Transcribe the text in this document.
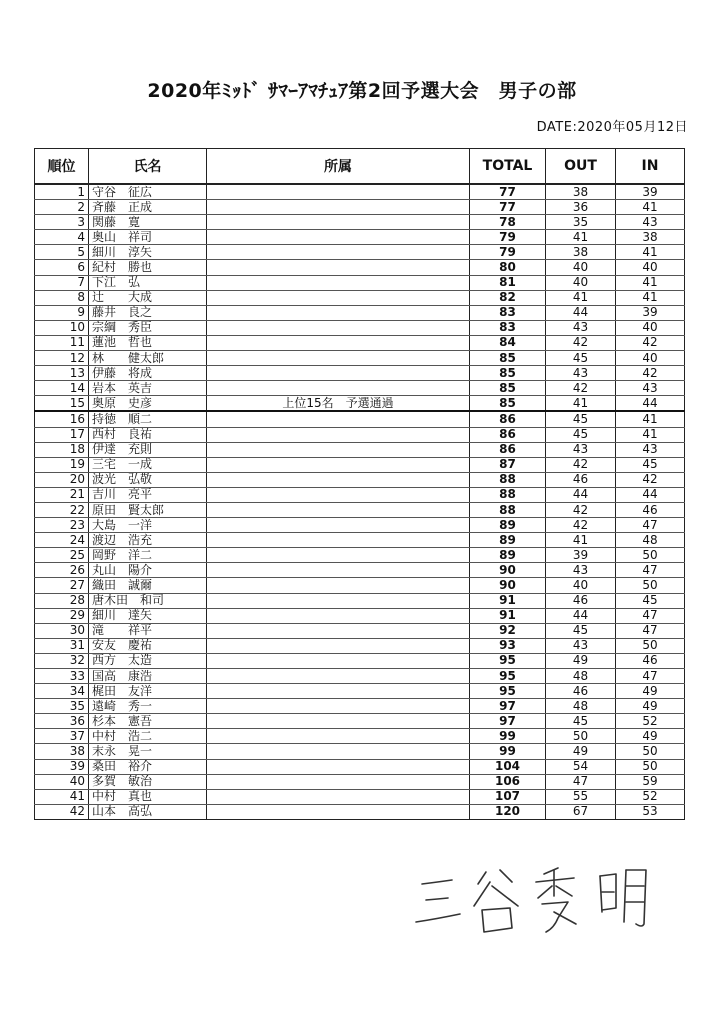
2020年ﾐｯﾄﾞ ｻﾏｰｱﾏﾁｭｱ第2回予選大会　男子の部
DATE:2020年05月12日
順位	氏名	所属	TOTAL	OUT	IN
1	守谷　征広		77	38	39
2	斉藤　正成		77	36	41
3	関藤　寛		78	35	43
4	奥山　祥司		79	41	38
5	細川　淳矢		79	38	41
6	紀村　勝也		80	40	40
7	下江　弘		81	40	41
8	辻　　大成		82	41	41
9	藤井　良之		83	44	39
10	宗綱　秀臣		83	43	40
11	蓮池　哲也		84	42	42
12	林　　健太郎		85	45	40
13	伊藤　将成		85	43	42
14	岩本　英吉		85	42	43
15	奥原　史彦	上位15名　予選通過	85	41	44
16	持徳　順二		86	45	41
17	西村　良祐		86	45	41
18	伊達　充則		86	43	43
19	三宅　一成		87	42	45
20	波光　弘敬		88	46	42
21	吉川　亮平		88	44	44
22	原田　賢太郎		88	42	46
23	大島　一洋		89	42	47
24	渡辺　浩充		89	41	48
25	岡野　洋二		89	39	50
26	丸山　陽介		90	43	47
27	織田　誠爾		90	40	50
28	唐木田　和司		91	46	45
29	細川　達矢		91	44	47
30	滝　　祥平		92	45	47
31	安友　慶祐		93	43	50
32	西方　太造		95	49	46
33	国高　康浩		95	48	47
34	梶田　友洋		95	46	49
35	遠崎　秀一		97	48	49
36	杉本　憲吾		97	45	52
37	中村　浩二		99	50	49
38	末永　晃一		99	49	50
39	桑田　裕介		104	54	50
40	多賀　敏治		106	47	59
41	中村　真也		107	55	52
42	山本　高弘		120	67	53
